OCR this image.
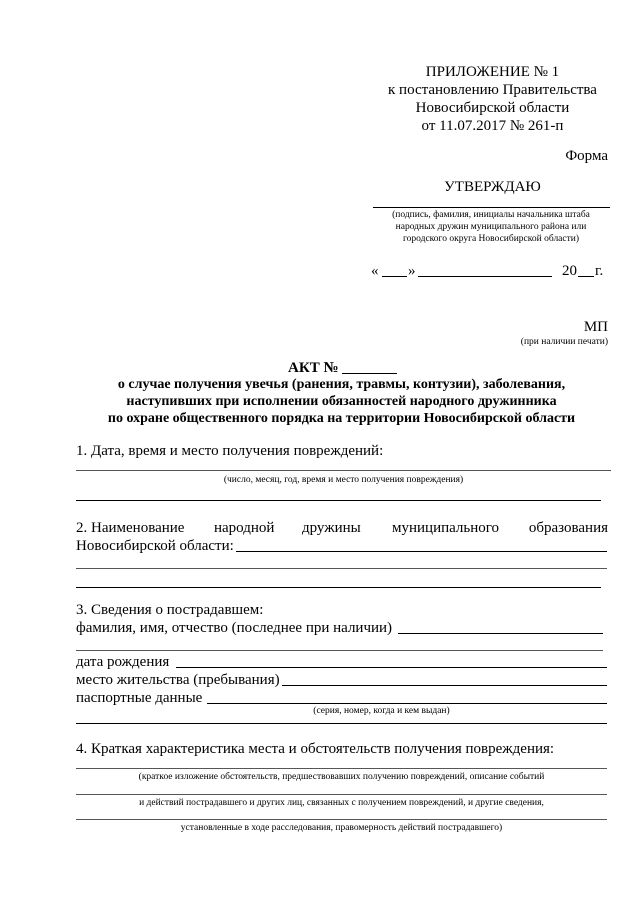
ПРИЛОЖЕНИЕ № 1
к постановлению Правительства
Новосибирской области
от 11.07.2017 № 261-п
Форма
УТВЕРЖДАЮ
(подпись, фамилия, инициалы начальника штаба
народных дружин муниципального района или
городского округа Новосибирской области)
« »	20 г.
МП
(при наличии печати)
АКТ №
о случае получения увечья (ранения, травмы, контузии), заболевания,
наступивших при исполнении обязанностей народного дружинника
по охране общественного порядка на территории Новосибирской области
1. Дата, время и место получения повреждений:
(число, месяц, год, время и место получения повреждения)
2. Наименование народной дружины муниципального образования
Новосибирской области:
3. Сведения о пострадавшем:
фамилия, имя, отчество (последнее при наличии)
дата рождения
место жительства (пребывания)
паспортные данные
(серия, номер, когда и кем выдан)
4. Краткая характеристика места и обстоятельств получения повреждения:
(краткое изложение обстоятельств, предшествовавших получению повреждений, описание событий
и действий пострадавшего и других лиц, связанных с получением повреждений, и другие сведения,
установленные в ходе расследования, правомерность действий пострадавшего)
